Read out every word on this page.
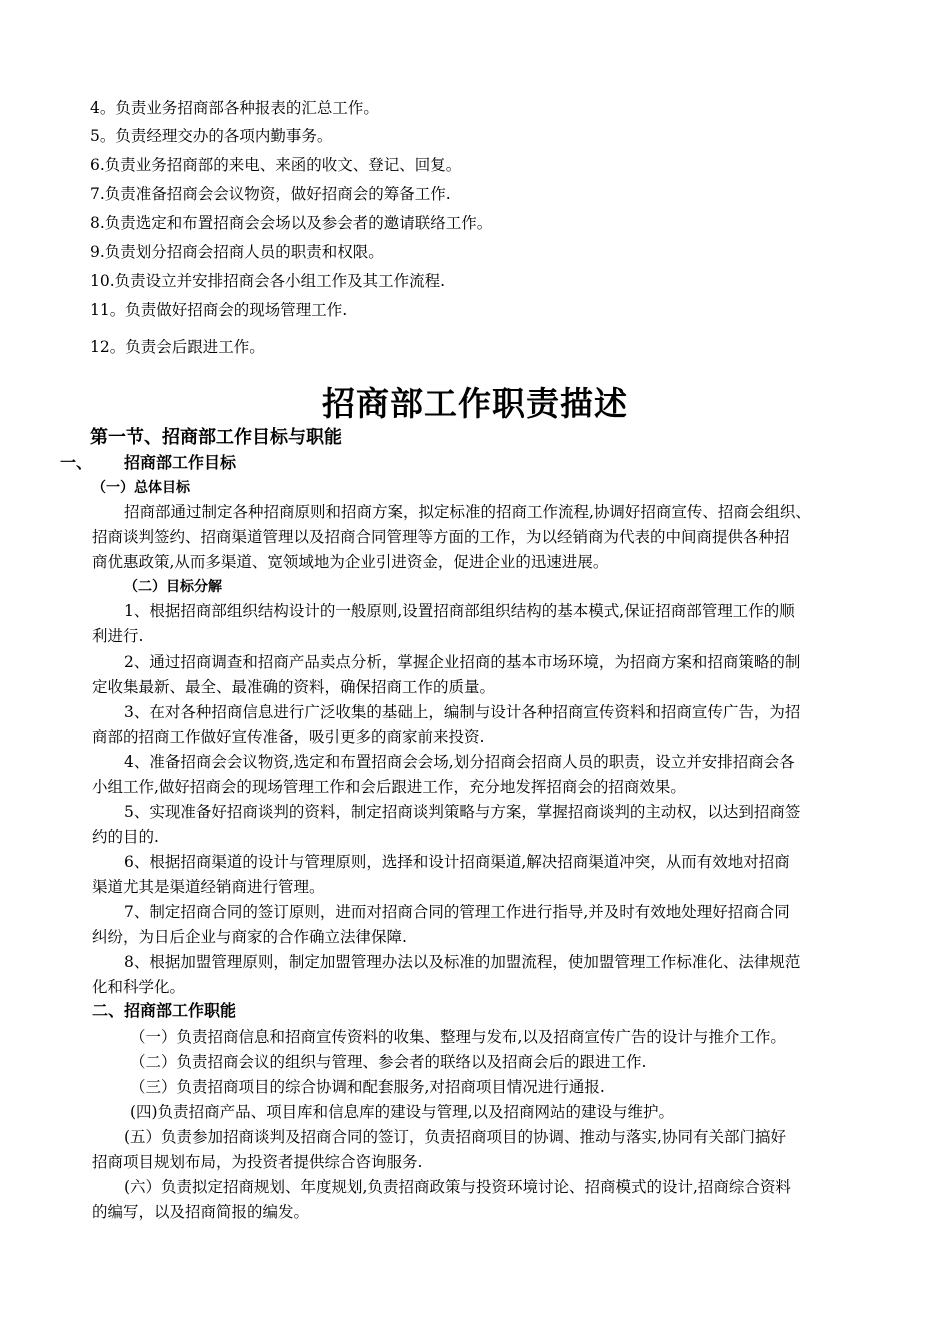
4。负责业务招商部各种报表的汇总工作。
5。负责经理交办的各项内勤事务。
6.负责业务招商部的来电、来函的收文、登记、回复。
7.负责准备招商会会议物资，做好招商会的筹备工作.
8.负责选定和布置招商会会场以及参会者的邀请联络工作。
9.负责划分招商会招商人员的职责和权限。
10.负责设立并安排招商会各小组工作及其工作流程.
11。负责做好招商会的现场管理工作.
12。负责会后跟进工作。
招商部工作职责描述
第一节、招商部工作目标与职能
一、 招商部工作目标
（一）总体目标
招商部通过制定各种招商原则和招商方案，拟定标准的招商工作流程,协调好招商宣传、招商会组织、
招商谈判签约、招商渠道管理以及招商合同管理等方面的工作，为以经销商为代表的中间商提供各种招
商优惠政策,从而多渠道、宽领域地为企业引进资金，促进企业的迅速进展。
（二）目标分解
1、根据招商部组织结构设计的一般原则,设置招商部组织结构的基本模式,保证招商部管理工作的顺
利进行.
2、通过招商调查和招商产品卖点分析，掌握企业招商的基本市场环境，为招商方案和招商策略的制
定收集最新、最全、最准确的资料，确保招商工作的质量。
3、在对各种招商信息进行广泛收集的基础上，编制与设计各种招商宣传资料和招商宣传广告，为招
商部的招商工作做好宣传准备，吸引更多的商家前来投资.
4、准备招商会会议物资,选定和布置招商会会场,划分招商会招商人员的职责，设立并安排招商会各
小组工作,做好招商会的现场管理工作和会后跟进工作，充分地发挥招商会的招商效果。
5、实现准备好招商谈判的资料，制定招商谈判策略与方案，掌握招商谈判的主动权，以达到招商签
约的目的.
6、根据招商渠道的设计与管理原则，选择和设计招商渠道,解决招商渠道冲突，从而有效地对招商
渠道尤其是渠道经销商进行管理。
7、制定招商合同的签订原则，进而对招商合同的管理工作进行指导,并及时有效地处理好招商合同
纠纷，为日后企业与商家的合作确立法律保障.
8、根据加盟管理原则，制定加盟管理办法以及标准的加盟流程，使加盟管理工作标准化、法律规范
化和科学化。
二、招商部工作职能
（一）负责招商信息和招商宣传资料的收集、整理与发布,以及招商宣传广告的设计与推介工作。
（二）负责招商会议的组织与管理、参会者的联络以及招商会后的跟进工作.
（三）负责招商项目的综合协调和配套服务,对招商项目情况进行通报.
(四)负责招商产品、项目库和信息库的建设与管理,以及招商网站的建设与维护。
(五）负责参加招商谈判及招商合同的签订，负责招商项目的协调、推动与落实,协同有关部门搞好
招商项目规划布局，为投资者提供综合咨询服务.
(六）负责拟定招商规划、年度规划,负责招商政策与投资环境讨论、招商模式的设计,招商综合资料
的编写，以及招商简报的编发。
